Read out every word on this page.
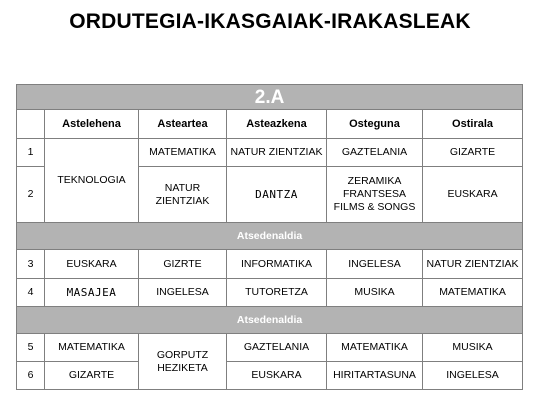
ORDUTEGIA-IKASGAIAK-IRAKASLEAK
2.A					
	Astelehena	Asteartea	Asteazkena	Osteguna	Ostirala
1	TEKNOLOGIA	MATEMATIKA	NATUR ZIENTZIAK	GAZTELANIA	GIZARTE
2		NATUR ZIENTZIAK	DANTZA	ZERAMIKA FRANTSESA FILMS & SONGS	EUSKARA
Atsedenaldia					
3	EUSKARA	GIZRTE	INFORMATIKA	INGELESA	NATUR ZIENTZIAK
4	MASAJEA	INGELESA	TUTORETZA	MUSIKA	MATEMATIKA
Atsedenaldia					
5	MATEMATIKA	GORPUTZ HEZIKETA	GAZTELANIA	MATEMATIKA	MUSIKA
6	GIZARTE		EUSKARA	HIRITARTASUNA	INGELESA
